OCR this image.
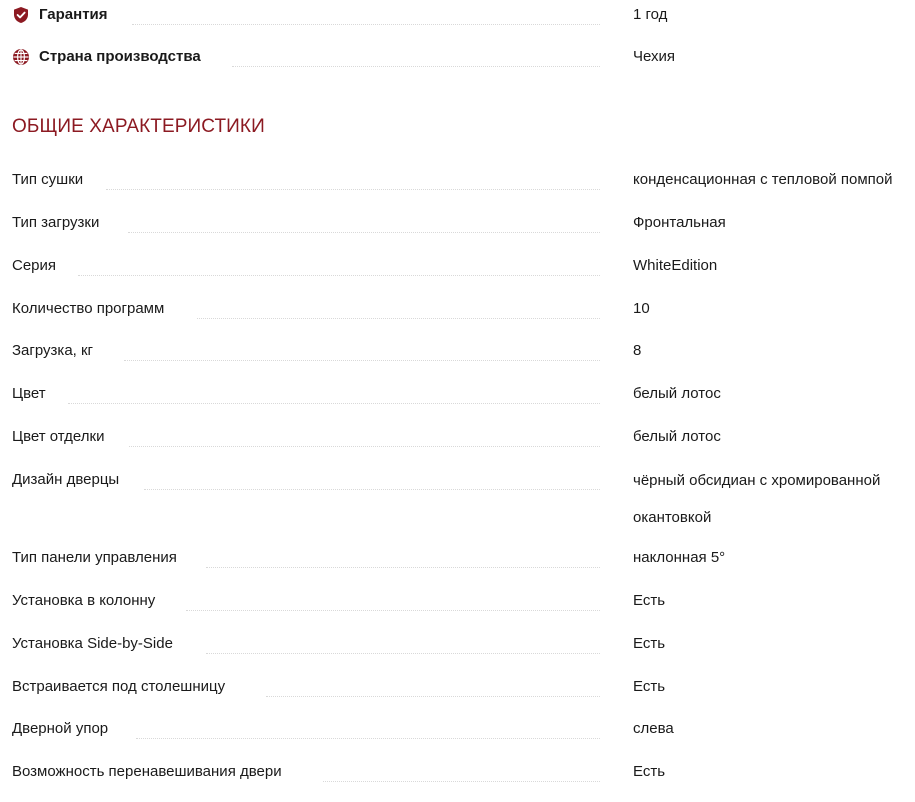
Гарантия	1 год
Страна производства	Чехия
ОБЩИЕ ХАРАКТЕРИСТИКИ
Тип сушки	конденсационная с тепловой помпой
Тип загрузки	Фронтальная
Серия	WhiteEdition
Количество программ	10
Загрузка, кг	8
Цвет	белый лотос
Цвет отделки	белый лотос
Дизайн дверцы	чёрный обсидиан с хромированной окантовкой
Тип панели управления	наклонная 5°
Установка в колонну	Есть
Установка Side-by-Side	Есть
Встраивается под столешницу	Есть
Дверной упор	слева
Возможность перенавешивания двери	Есть
